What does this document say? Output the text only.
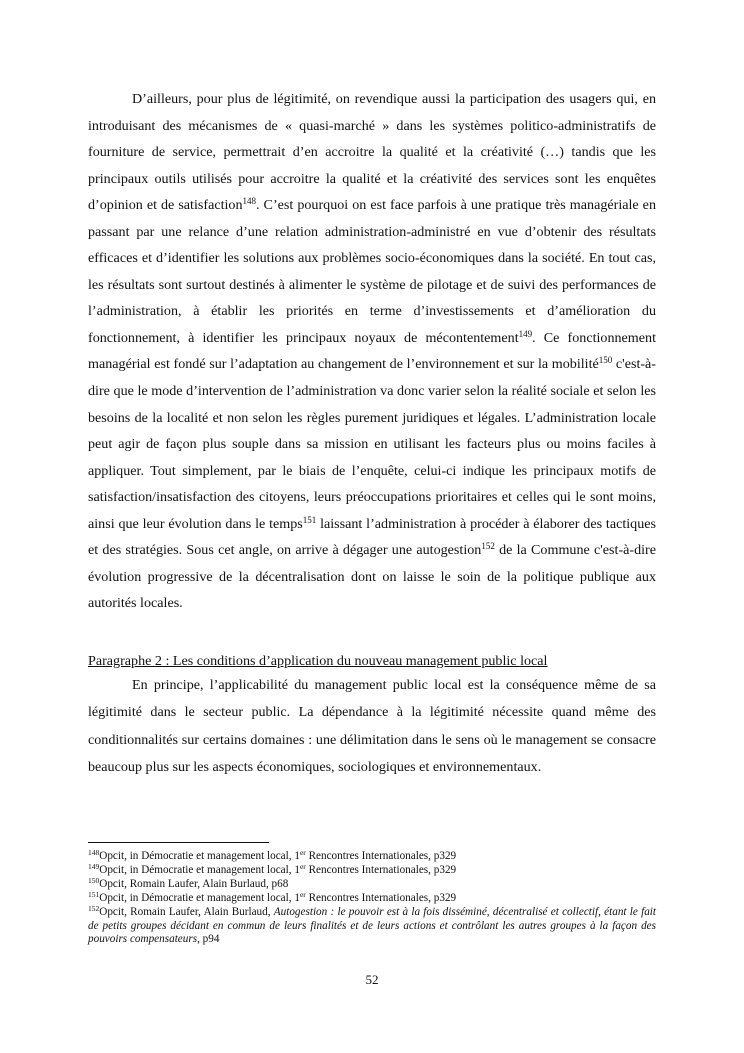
D’ailleurs, pour plus de légitimité, on revendique aussi la participation des usagers qui, en introduisant des mécanismes de « quasi-marché » dans les systèmes politico-administratifs de fourniture de service, permettrait d’en accroitre la qualité et la créativité (…) tandis que les principaux outils utilisés pour accroitre la qualité et la créativité des services sont les enquêtes d’opinion et de satisfaction$^{148}$. C’est pourquoi on est face parfois à une pratique très managériale en passant par une relance d’une relation administration-administré en vue d’obtenir des résultats efficaces et d’identifier les solutions aux problèmes socio-économiques dans la société. En tout cas, les résultats sont surtout destinés à alimenter le système de pilotage et de suivi des performances de l’administration, à établir les priorités en terme d’investissements et d’amélioration du fonctionnement, à identifier les principaux noyaux de mécontentement$^{149}$. Ce fonctionnement managérial est fondé sur l’adaptation au changement de l’environnement et sur la mobilité$^{150}$ c'est-à-dire que le mode d’intervention de l’administration va donc varier selon la réalité sociale et selon les besoins de la localité et non selon les règles purement juridiques et légales. L’administration locale peut agir de façon plus souple dans sa mission en utilisant les facteurs plus ou moins faciles à appliquer. Tout simplement, par le biais de l’enquête, celui-ci indique les principaux motifs de satisfaction/insatisfaction des citoyens, leurs préoccupations prioritaires et celles qui le sont moins, ainsi que leur évolution dans le temps$^{151}$ laissant l’administration à procéder à élaborer des tactiques et des stratégies. Sous cet angle, on arrive à dégager une autogestion$^{152}$ de la Commune c'est-à-dire évolution progressive de la décentralisation dont on laisse le soin de la politique publique aux autorités locales.

Paragraphe 2 : Les conditions d’application du nouveau management public local

En principe, l’applicabilité du management public local est la conséquence même de sa légitimité dans le secteur public. La dépendance à la légitimité nécessite quand même des conditionnalités sur certains domaines : une délimitation dans le sens où le management se consacre beaucoup plus sur les aspects économiques, sociologiques et environnementaux.

$^{148}$Opcit, in Démocratie et management local, 1er Rencontres Internationales, p329

$^{149}$Opcit, in Démocratie et management local, 1er Rencontres Internationales, p329

$^{150}$Opcit, Romain Laufer, Alain Burlaud, p68

$^{151}$Opcit, in Démocratie et management local, 1er Rencontres Internationales, p329

$^{152}$Opcit, Romain Laufer, Alain Burlaud, Autogestion : le pouvoir est à la fois disséminé, décentralisé et collectif, étant le fait de petits groupes décidant en commun de leurs finalités et de leurs actions et contrôlant les autres groupes à la façon des pouvoirs compensateurs, p94

52
